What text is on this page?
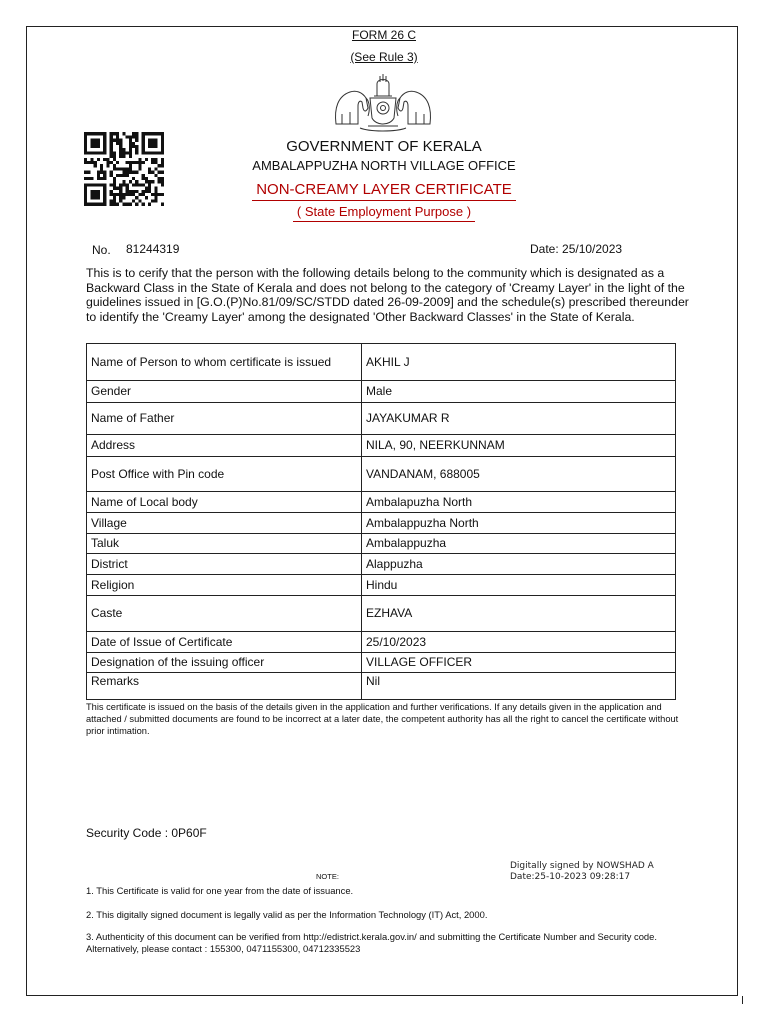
FORM 26 C
(See Rule 3)
GOVERNMENT OF KERALA
AMBALAPPUZHA NORTH VILLAGE OFFICE
NON-CREAMY LAYER CERTIFICATE
( State Employment Purpose )
No. 81244319	Date: 25/10/2023
This is to cerify that the person with the following details belong to the community which is designated as a Backward Class in the State of Kerala and does not belong to the category of 'Creamy Layer' in the light of the guidelines issued in [G.O.(P)No.81/09/SC/STDD dated 26-09-2009] and the schedule(s) prescribed thereunder to identify the 'Creamy Layer' among the designated 'Other Backward Classes' in the State of Kerala.
Name of Person to whom certificate is issued	AKHIL J
Gender	Male
Name of Father	JAYAKUMAR R
Address	NILA, 90, NEERKUNNAM
Post Office with Pin code	VANDANAM, 688005
Name of Local body	Ambalapuzha North
Village	Ambalappuzha North
Taluk	Ambalappuzha
District	Alappuzha
Religion	Hindu
Caste	EZHAVA
Date of Issue of Certificate	25/10/2023
Designation of the issuing officer	VILLAGE OFFICER
Remarks	Nil
This certificate is issued on the basis of the details given in the application and further verifications. If any details given in the application and attached / submitted documents are found to be incorrect at a later date, the competent authority has all the right to cancel the certificate without prior intimation.
Security Code : 0P60F
Digitally signed by NOWSHAD A
Date:25-10-2023 09:28:17
NOTE:
1. This Certificate is valid for one year from the date of issuance.
2. This digitally signed document is legally valid as per the Information Technology (IT) Act, 2000.
3. Authenticity of this document can be verified from http://edistrict.kerala.gov.in/ and submitting the Certificate Number and Security code. Alternatively, please contact : 155300, 0471155300, 04712335523
